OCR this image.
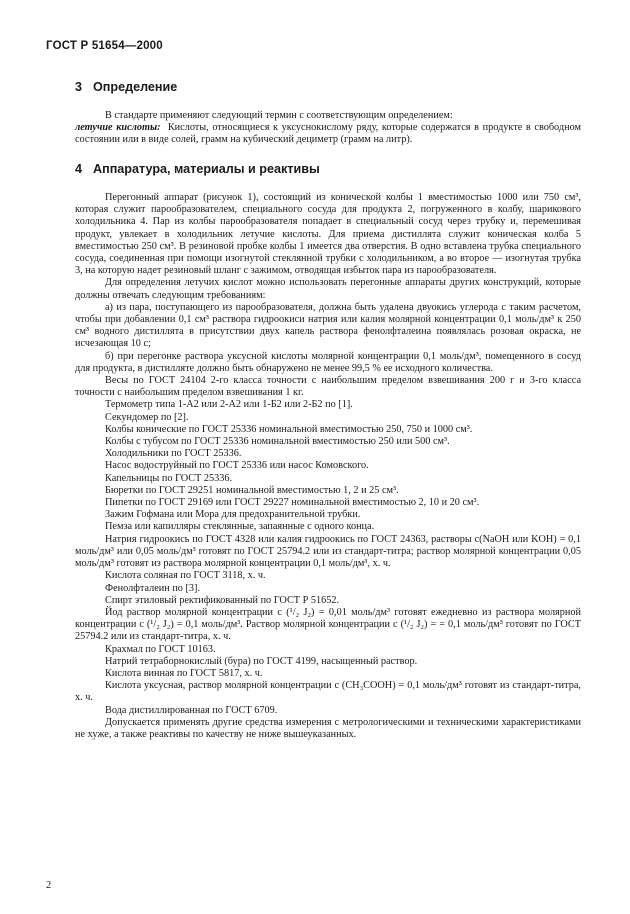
ГОСТ Р 51654—2000
3 Определение

В стандарте применяют следующий термин с соответствующим определением:

летучие кислоты: Кислоты, относящиеся к уксуснокислому ряду, которые содержатся в продукте в свободном состоянии или в виде солей, грамм на кубический дециметр (грамм на литр).

4 Аппаратура, материалы и реактивы

Перегонный аппарат (рисунок 1), состоящий из конической колбы 1 вместимостью 1000 или 750 см³, которая служит парообразователем, специального сосуда для продукта 2, погруженного в колбу, шарикового холодильника 4. Пар из колбы парообразователя попадает в специальный сосуд через трубку и, перемешивая продукт, увлекает в холодильник летучие кислоты. Для приема дистиллята служит коническая колба 5 вместимостью 250 см³. В резиновой пробке колбы 1 имеется два отверстия. В одно вставлена трубка специального сосуда, соединенная при помощи изогнутой стеклянной трубки с холодильником, а во второе — изогнутая трубка 3, на которую надет резиновый шланг с зажимом, отводящая избыток пара из парообразователя.

Для определения летучих кислот можно использовать перегонные аппараты других конструкций, которые должны отвечать следующим требованиям:

а) из пара, поступающего из парообразователя, должна быть удалена двуокись углерода с таким расчетом, чтобы при добавлении 0,1 см³ раствора гидроокиси натрия или калия молярной концентрации 0,1 моль/дм³ к 250 см³ водного дистиллята в присутствии двух капель раствора фенолфталеина появлялась розовая окраска, не исчезающая 10 с;

б) при перегонке раствора уксусной кислоты молярной концентрации 0,1 моль/дм³, помещенного в сосуд для продукта, в дистилляте должно быть обнаружено не менее 99,5 % ее исходного количества.

Весы по ГОСТ 24104 2-го класса точности с наибольшим пределом взвешивания 200 г и 3-го класса точности с наибольшим пределом взвешивания 1 кг.

Термометр типа 1-А2 или 2-А2 или 1-Б2 или 2-Б2 по [1].

Секундомер по [2].

Колбы конические по ГОСТ 25336 номинальной вместимостью 250, 750 и 1000 см³.

Колбы с тубусом по ГОСТ 25336 номинальной вместимостью 250 или 500 см³.

Холодильники по ГОСТ 25336.

Насос водоструйный по ГОСТ 25336 или насос Комовского.

Капельницы по ГОСТ 25336.

Бюретки по ГОСТ 29251 номинальной вместимостью 1, 2 и 25 см³.

Пипетки по ГОСТ 29169 или ГОСТ 29227 номинальной вместимостью 2, 10 и 20 см³.

Зажим Гофмана или Мора для предохранительной трубки.

Пемза или капилляры стеклянные, запаянные с одного конца.

Натрия гидроокись по ГОСТ 4328 или калия гидроокись по ГОСТ 24363, растворы c(NaOH или KOH) = 0,1 моль/дм³ или 0,05 моль/дм³ готовят по ГОСТ 25794.2 или из стандарт-титра; раствор молярной концентрации 0,05 моль/дм³ готовят из раствора молярной концентрации 0,1 моль/дм³, х. ч.

Кислота соляная по ГОСТ 3118, х. ч.

Фенолфталеин по [3].

Спирт этиловый ректификованный по ГОСТ Р 51652.

Йод раствор молярной концентрации c (¹/₂ J₂) = 0,01 моль/дм³ готовят ежедневно из раствора молярной концентрации c (¹/₂ J₂) = 0,1 моль/дм³. Раствор молярной концентрации c (¹/₂ J₂) = = 0,1 моль/дм³ готовят по ГОСТ 25794.2 или из стандарт-титра, х. ч.

Крахмал по ГОСТ 10163.

Натрий тетраборнокислый (бура) по ГОСТ 4199, насыщенный раствор.

Кислота винная по ГОСТ 5817, х. ч.

Кислота уксусная, раствор молярной концентрации c (CH₃COOH) = 0,1 моль/дм³ готовят из стандарт-титра, х. ч.

Вода дистиллированная по ГОСТ 6709.

Допускается применять другие средства измерения с метрологическими и техническими характеристиками не хуже, а также реактивы по качеству не ниже вышеуказанных.

2
